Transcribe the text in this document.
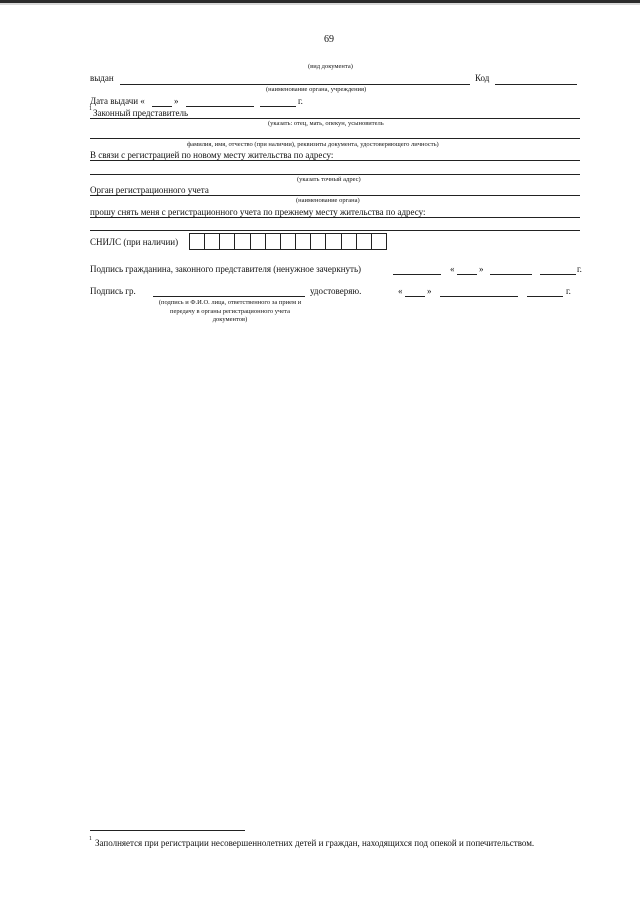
69
(вид документа)
выдан	Код
(наименование органа, учреждения)
Дата выдачи «	»	г.
1 Законный представитель
(указать: отец, мать, опекун, усыновитель
фамилия, имя, отчество (при наличии), реквизиты документа, удостоверяющего личность)
В связи с регистрацией по новому месту жительства по адресу:
(указать точный адрес)
Орган регистрационного учета
(наименование органа)
прошу снять меня с регистрационного учета по прежнему месту жительства по адресу:
СНИЛС (при наличии)
Подпись гражданина, законного представителя (ненужное зачеркнуть)	«	»	г.
Подпись гр.	удостоверяю.	«	»	г.
(подпись и Ф.И.О. лица, ответственного за прием и
передачу в органы регистрационного учета
документов)
1 Заполняется при регистрации несовершеннолетних детей и граждан, находящихся под опекой и попечительством.
